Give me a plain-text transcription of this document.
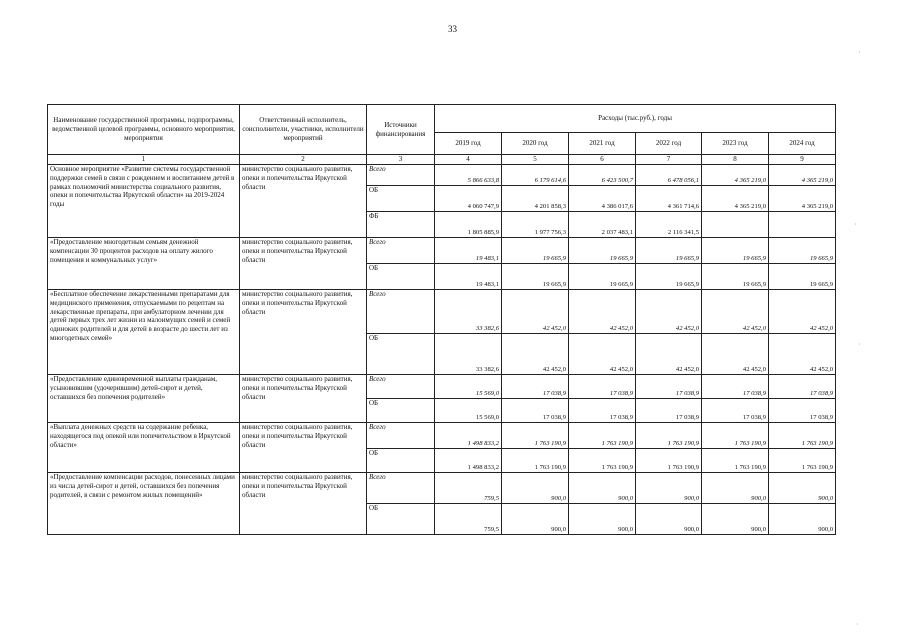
33
·
·
·
·
Наименование государственной программы, подпрограммы, ведомственной целевой программы, основного мероприятия, мероприятия	Ответственный исполнитель, соисполнители, участники, исполнители мероприятий	Источники финансирования	Расходы (тыс.руб.), годы					
			2019 год	2020 год	2021 год	2022 год	2023 год	2024 год
1	2	3	4	5	6	7	8	9
Основное мероприятие «Развитие системы государственной поддержки семей в связи с рождением и воспитанием детей в рамках полномочий министерства социального развития, опеки и попечительства Иркутской области» на 2019-2024 годы	министерство социального развития, опеки и попечительства Иркутской области	Всего	5 866 633,8	6 179 614,6	6 423 500,7	6 478 056,1	4 365 219,0	4 365 219,0
		ОБ	4 060 747,9	4 201 858,3	4 386 017,6	4 361 714,6	4 365 219,0	4 365 219,0
		ФБ	1 805 885,9	1 977 756,3	2 037 483,1	2 116 341,5		
«Предоставление многодетным семьям денежной компенсации 30 процентов расходов на оплату жилого помещения и коммунальных услуг»	министерство социального развития, опеки и попечительства Иркутской области	Всего	19 483,1	19 665,9	19 665,9	19 665,9	19 665,9	19 665,9
		ОБ	19 483,1	19 665,9	19 665,9	19 665,9	19 665,9	19 665,9
«Бесплатное обеспечение лекарственными препаратами для медицинского применения, отпускаемыми по рецептам на лекарственные препараты, при амбулаторном лечении для детей первых трех лет жизни из малоимущих семей и семей одиноких родителей и для детей в возрасте до шести лет из многодетных семей»	министерство социального развития, опеки и попечительства Иркутской области	Всего	33 382,6	42 452,0	42 452,0	42 452,0	42 452,0	42 452,0
		ОБ	33 382,6	42 452,0	42 452,0	42 452,0	42 452,0	42 452,0
«Предоставление единовременной выплаты гражданам, усыновившим (удочерившим) детей-сирот и детей, оставшихся без попечения родителей»	министерство социального развития, опеки и попечительства Иркутской области	Всего	15 569,0	17 038,9	17 038,9	17 038,9	17 038,9	17 038,9
		ОБ	15 569,0	17 038,9	17 038,9	17 038,9	17 038,9	17 038,9
«Выплата денежных средств на содержание ребенка, находящегося под опекой или попечительством в Иркутской области»	министерство социального развития, опеки и попечительства Иркутской области	Всего	1 498 833,2	1 763 190,9	1 763 190,9	1 763 190,9	1 763 190,9	1 763 190,9
		ОБ	1 498 833,2	1 763 190,9	1 763 190,9	1 763 190,9	1 763 190,9	1 763 190,9
«Предоставление компенсации расходов, понесенных лицами из числа детей-сирот и детей, оставшихся без попечения родителей, в связи с ремонтом жилых помещений»	министерство социального развития, опеки и попечительства Иркутской области	Всего	759,5	900,0	900,0	900,0	900,0	900,0
		ОБ	759,5	900,0	900,0	900,0	900,0	900,0
